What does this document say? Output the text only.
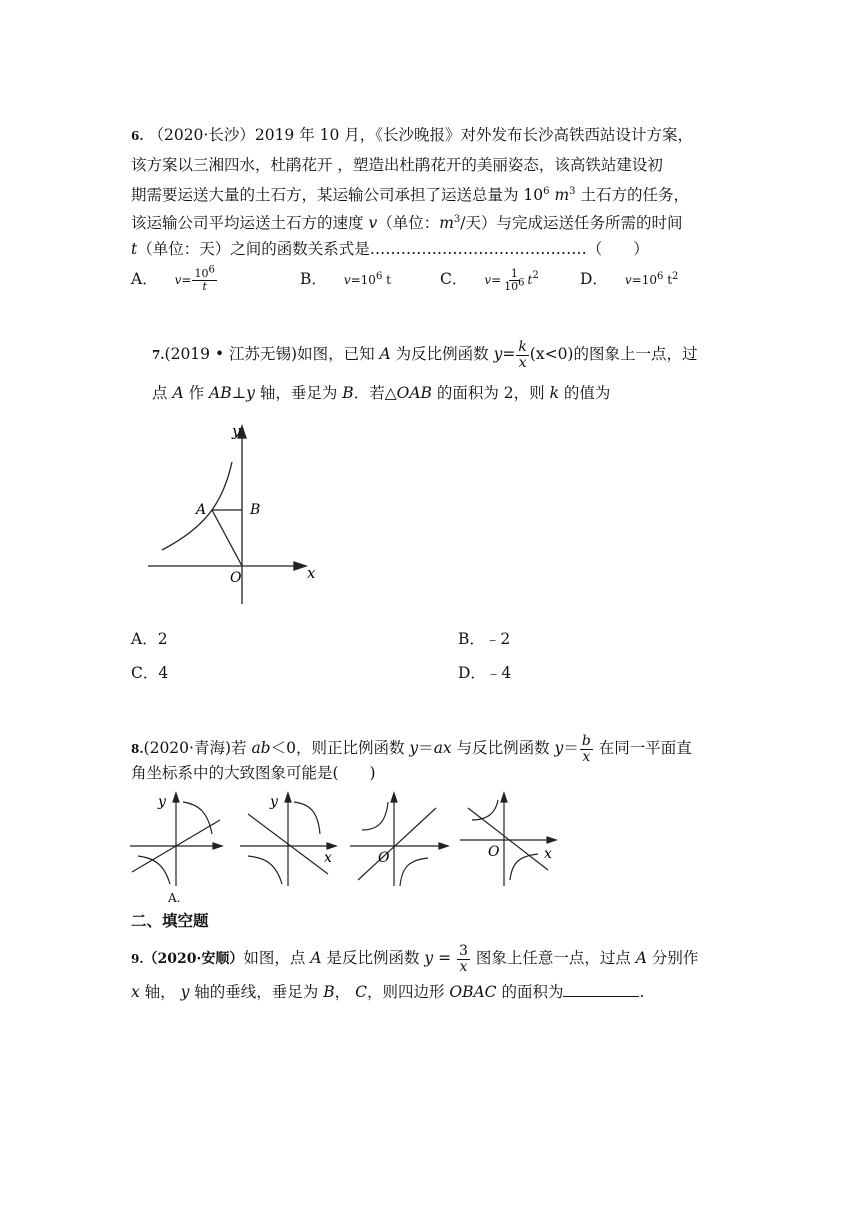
6. （2020·长沙）2019 年 10 月，《长沙晚报》对外发布长沙高铁西站设计方案，
该方案以三湘四水，杜鹃花开 ，塑造出杜鹃花开的美丽姿态，该高铁站建设初
期需要运送大量的土石方，某运输公司承担了运送总量为 $10^6$ $m^3$ 土石方的任务，
该运输公司平均运送土石方的速度 v（单位：$m^3/$天）与完成运送任务所需的时间
t（单位：天）之间的函数关系式是……………………………………（　　）
A． $v= \frac{10^6}{t}$	B． $v=10^6$ t	C． $v= \frac{1}{10^6} t^2$	D． $v=10^6$ $t^2$
7.(2019 • 江苏无锡)如图，已知 A 为反比例函数 $y= \frac{k}{x} (x<0)$的图象上一点，过
点 A 作 AB⊥y 轴，垂足为 B．若△OAB 的面积为 2，则 k 的值为
y
x
A	B
O
A．2	B．﹣2
C．4	D．﹣4
8.(2020·青海)若 ab＜0，则正比例函数 y＝ax 与反比例函数 $y= \frac{b}{x}$ 在同一平面直
角坐标系中的大致图象可能是(　　)
y	y
x	O	O	x
A.
二、填空题
9.（2020·安顺）如图，点 A 是反比例函数 $y = \frac{3}{x}$ 图象上任意一点，过点 A 分别作
x 轴， y 轴的垂线，垂足为 B， C，则四边形 OBAC 的面积为	.
